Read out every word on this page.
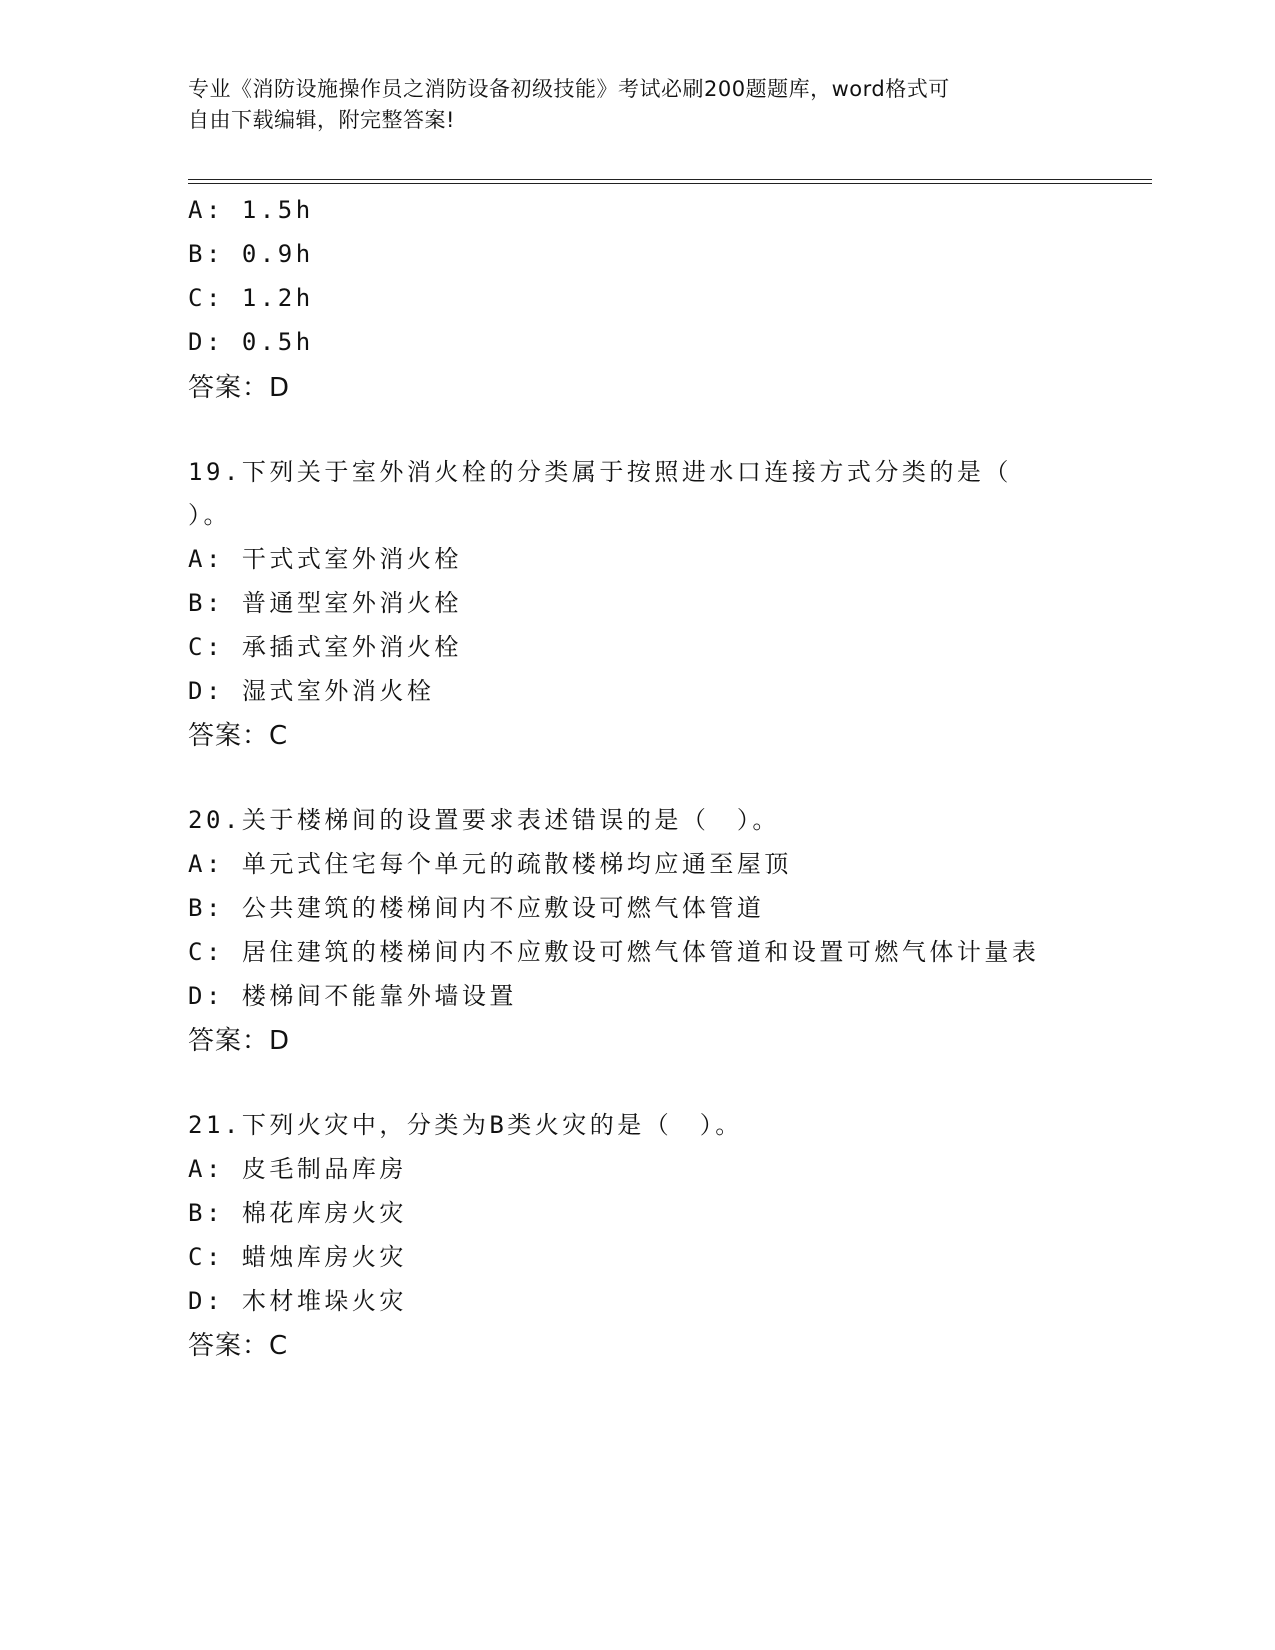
专业《消防设施操作员之消防设备初级技能》考试必刷200题题库，word格式可
自由下载编辑，附完整答案!
A: 1.5h
B: 0.9h
C: 1.2h
D: 0.5h
答案：D
19.下列关于室外消火栓的分类属于按照进水口连接方式分类的是（
）。
A: 干式式室外消火栓
B: 普通型室外消火栓
C: 承插式室外消火栓
D: 湿式室外消火栓
答案：C
20.关于楼梯间的设置要求表述错误的是（　）。
A: 单元式住宅每个单元的疏散楼梯均应通至屋顶
B: 公共建筑的楼梯间内不应敷设可燃气体管道
C: 居住建筑的楼梯间内不应敷设可燃气体管道和设置可燃气体计量表
D: 楼梯间不能靠外墙设置
答案：D
21.下列火灾中，分类为B类火灾的是（　）。
A: 皮毛制品库房
B: 棉花库房火灾
C: 蜡烛库房火灾
D: 木材堆垛火灾
答案：C
